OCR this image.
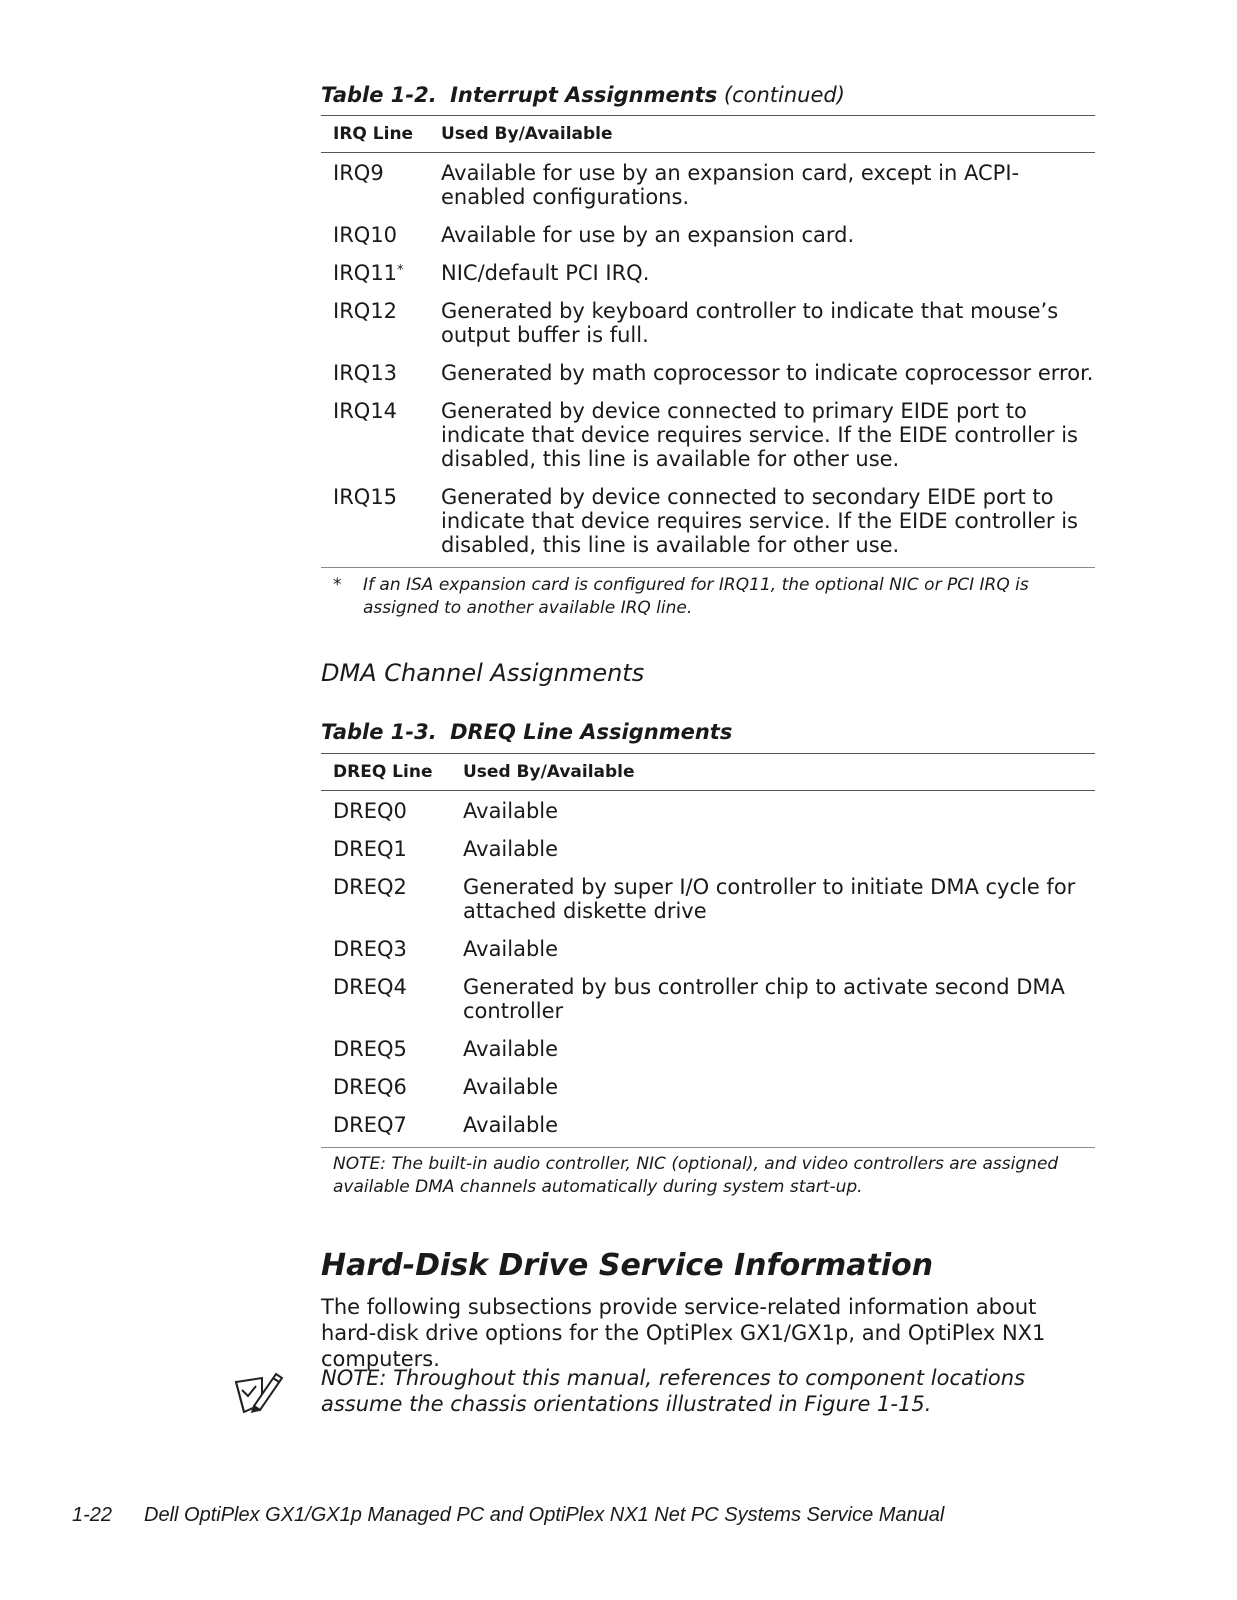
Table 1-2. Interrupt Assignments (continued)
IRQ Line	Used By/Available
IRQ9	Available for use by an expansion card, except in ACPI-enabled configurations.
IRQ10	Available for use by an expansion card.
IRQ11*	NIC/default PCI IRQ.
IRQ12	Generated by keyboard controller to indicate that mouse’s output buffer is full.
IRQ13	Generated by math coprocessor to indicate coprocessor error.
IRQ14	Generated by device connected to primary EIDE port to indicate that device requires service. If the EIDE controller is disabled, this line is available for other use.
IRQ15	Generated by device connected to secondary EIDE port to indicate that device requires service. If the EIDE controller is disabled, this line is available for other use.
*	If an ISA expansion card is configured for IRQ11, the optional NIC or PCI IRQ is assigned to another available IRQ line.
DMA Channel Assignments
Table 1-3. DREQ Line Assignments
DREQ Line	Used By/Available
DREQ0	Available
DREQ1	Available
DREQ2	Generated by super I/O controller to initiate DMA cycle for attached diskette drive
DREQ3	Available
DREQ4	Generated by bus controller chip to activate second DMA controller
DREQ5	Available
DREQ6	Available
DREQ7	Available
NOTE: The built-in audio controller, NIC (optional), and video controllers are assigned available DMA channels automatically during system start-up.
Hard-Disk Drive Service Information

The following subsections provide service-related information about hard-disk drive options for the OptiPlex GX1/GX1p, and OptiPlex NX1 computers.

NOTE: Throughout this manual, references to component locations assume the chassis orientations illustrated in Figure 1-15.

1-22 Dell OptiPlex GX1/GX1p Managed PC and OptiPlex NX1 Net PC Systems Service Manual
